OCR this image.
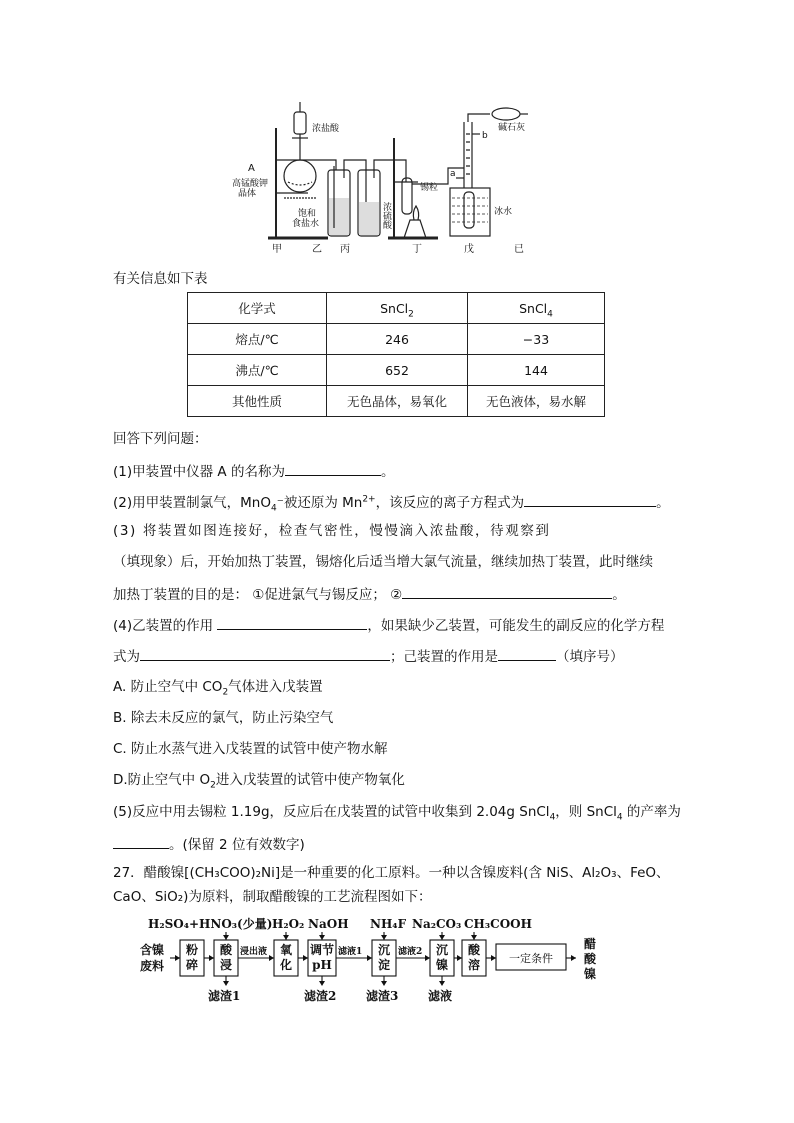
浓盐酸
A
高锰酸钾
晶体
饱和
食盐水
浓
硫
酸
锡粒
碱石灰
冰水
b
a
甲	乙 丙	丁	戊	已
有关信息如下表
化学式	SnCl$_2$	SnCl$_4$
熔点/℃	246	−33
沸点/℃	652	144
其他性质	无色晶体，易氧化	无色液体，易水解
回答下列问题：
(1)甲装置中仪器 A 的名称为	。
(2)用甲装置制氯气，MnO$_4$⁻被还原为 $Mn^{2+}$，该反应的离子方程式为	。
(3) 将装置如图连接好，检查气密性，慢慢滴入浓盐酸，待观察到
（填现象）后，开始加热丁装置，锡熔化后适当增大氯气流量，继续加热丁装置，此时继续
加热丁装置的目的是： ①促进氯气与锡反应； ②	。
(4)乙装置的作用	，如果缺少乙装置，可能发生的副反应的化学方程
式为	；己装置的作用是	（填序号）
A. 防止空气中 $CO_2$气体进入戊装置
B. 除去未反应的氯气，防止污染空气
C. 防止水蒸气进入戊装置的试管中使产物水解
D.防止空气中 $O_2$进入戊装置的试管中使产物氧化
(5)反应中用去锡粒 1.19g，反应后在戊装置的试管中收集到 2.04g SnCl$_4$，则 SnCl$_4$ 的产率为
。(保留 2 位有效数字)
27．醋酸镍[(CH₃COO)₂Ni]是一种重要的化工原料。一种以含镍废料(含 NiS、Al₂O₃、FeO、
CaO、SiO₂)为原料，制取醋酸镍的工艺流程图如下：
H₂SO₄+HNO₃(少量) H₂O₂ NaOH NH₄F Na₂CO₃ CH₃COOH
含镍
废料
粉碎
酸浸
氧化
调节 pH
沉淀
沉镍
酸溶	一定条件
浸出液	滤液1	滤液2
滤渣1	滤渣2 滤渣3 滤液
醋
酸
镍
